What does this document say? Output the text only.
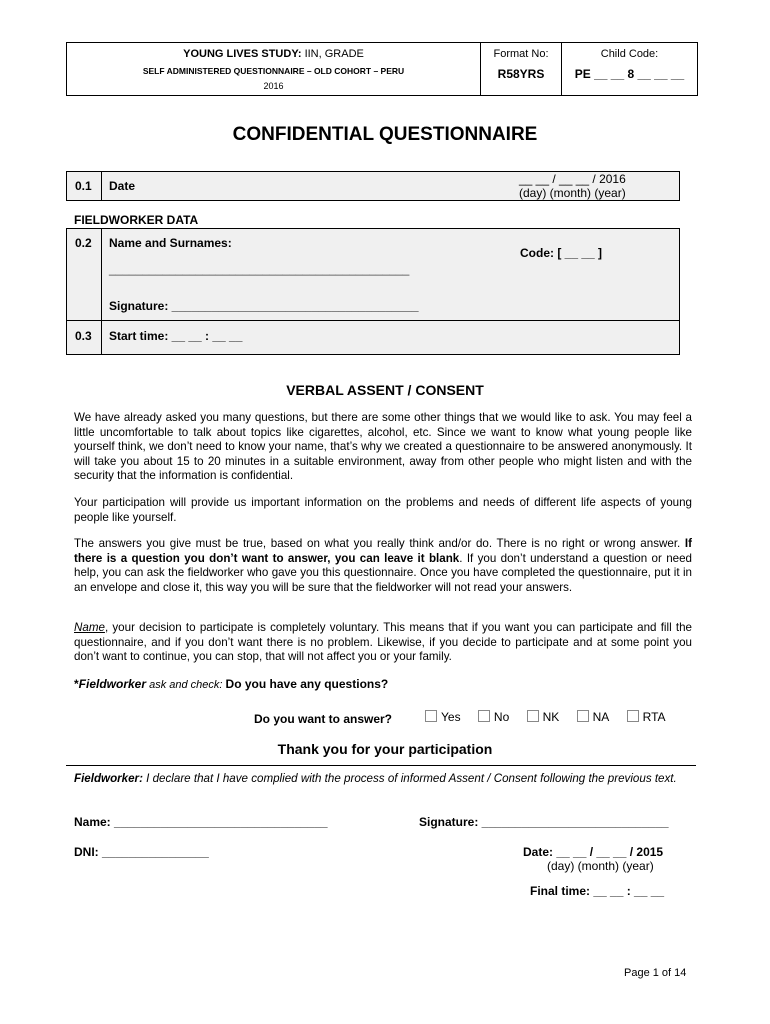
YOUNG LIVES STUDY: IIN, GRADE
SELF ADMINISTERED QUESTIONNAIRE – OLD COHORT – PERU
2016
Format No:
R58YRS
Child Code:
PE __ __ 8 __ __ __
CONFIDENTIAL QUESTIONNAIRE
0.1 Date	__ __ / __ __ / 2016
(day) (month) (year)
FIELDWORKER DATA
0.2 Name and Surnames:
_____________________________________________
Code: [ __ __ ]
Signature: _____________________________________
0.3 Start time: __ __ : __ __
VERBAL ASSENT / CONSENT
We have already asked you many questions, but there are some other things that we would like to ask. You may feel a little uncomfortable to talk about topics like cigarettes, alcohol, etc. Since we want to know what young people like yourself think, we don’t need to know your name, that’s why we created a questionnaire to be answered anonymously. It will take you about 15 to 20 minutes in a suitable environment, away from other people who might listen and with the security that the information is confidential.
Your participation will provide us important information on the problems and needs of different life aspects of young people like yourself.
The answers you give must be true, based on what you really think and/or do. There is no right or wrong answer. If there is a question you don’t want to answer, you can leave it blank. If you don’t understand a question or need help, you can ask the fieldworker who gave you this questionnaire. Once you have completed the questionnaire, put it in an envelope and close it, this way you will be sure that the fieldworker will not read your answers.
Name, your decision to participate is completely voluntary. This means that if you want you can participate and fill the questionnaire, and if you don’t want there is no problem. Likewise, if you decide to participate and at some point you don’t want to continue, you can stop, that will not affect you or your family.
*Fieldworker ask and check: Do you have any questions?
Do you want to answer?	Yes	No	NK	NA	RTA
Thank you for your participation
Fieldworker: I declare that I have complied with the process of informed Assent / Consent following the previous text.
Name: ________________________________	Signature: ____________________________
DNI: ________________	Date: __ __ / __ __ / 2015
(day) (month) (year)
Final time: __ __ : __ __
Page 1 of 14
